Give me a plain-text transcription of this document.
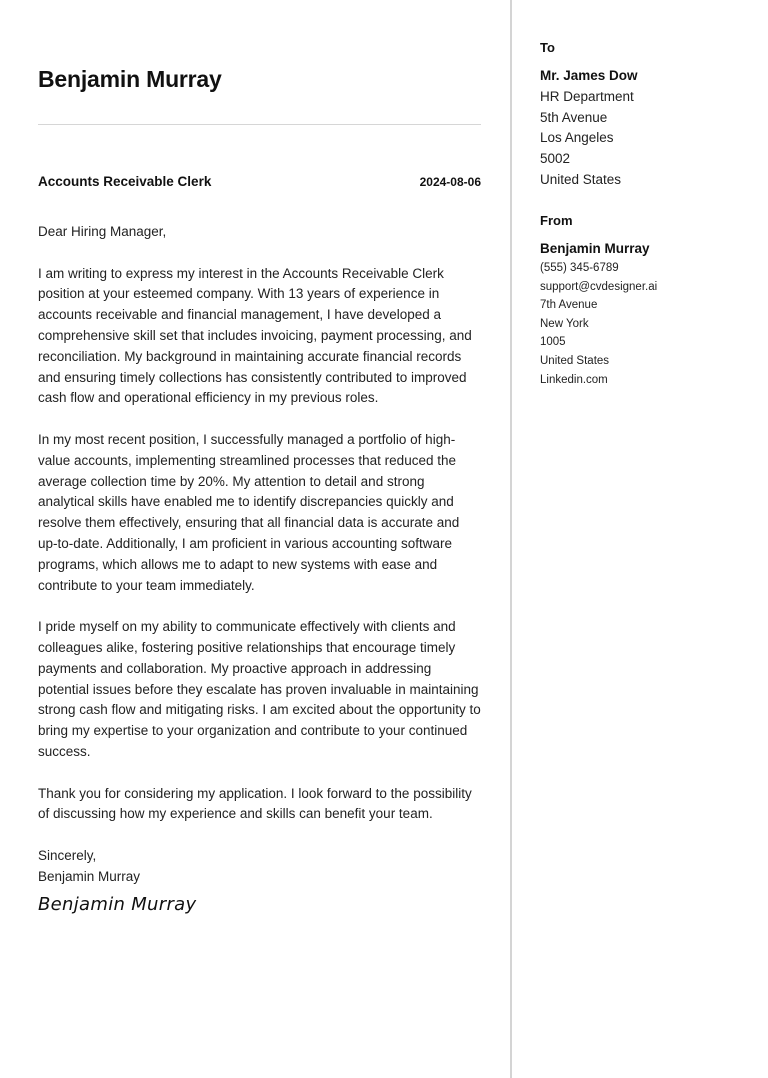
Benjamin Murray
Accounts Receivable Clerk	2024-08-06

Dear Hiring Manager,

I am writing to express my interest in the Accounts Receivable Clerk position at your esteemed company. With 13 years of experience in accounts receivable and financial management, I have developed a comprehensive skill set that includes invoicing, payment processing, and reconciliation. My background in maintaining accurate financial records and ensuring timely collections has consistently contributed to improved cash flow and operational efficiency in my previous roles.

In my most recent position, I successfully managed a portfolio of high-value accounts, implementing streamlined processes that reduced the average collection time by 20%. My attention to detail and strong analytical skills have enabled me to identify discrepancies quickly and resolve them effectively, ensuring that all financial data is accurate and up-to-date. Additionally, I am proficient in various accounting software programs, which allows me to adapt to new systems with ease and contribute to your team immediately.

I pride myself on my ability to communicate effectively with clients and colleagues alike, fostering positive relationships that encourage timely payments and collaboration. My proactive approach in addressing potential issues before they escalate has proven invaluable in maintaining strong cash flow and mitigating risks. I am excited about the opportunity to bring my expertise to your organization and contribute to your continued success.

Thank you for considering my application. I look forward to the possibility of discussing how my experience and skills can benefit your team.

Sincerely,
Benjamin Murray
Benjamin Murray
To
Mr. James Dow
HR Department
5th Avenue
Los Angeles
5002
United States
From
Benjamin Murray
(555) 345-6789
support@cvdesigner.ai
7th Avenue
New York
1005
United States
Linkedin.com
